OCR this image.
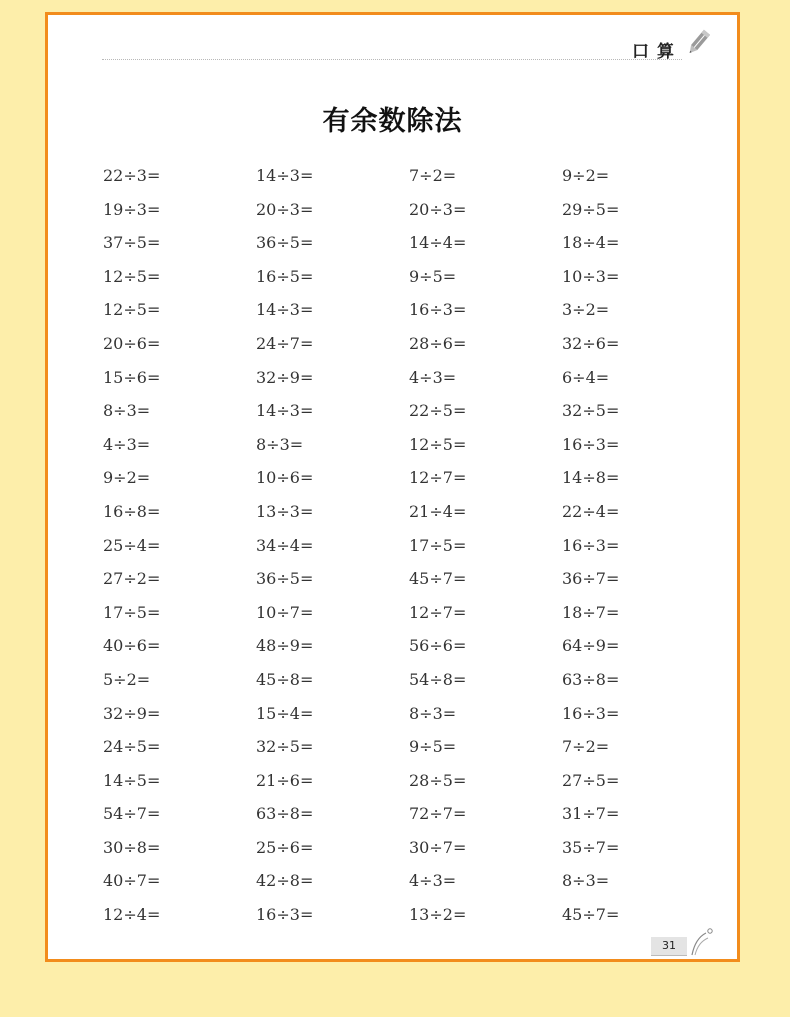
口算
有余数除法
22÷3=	14÷3=	7÷2=	9÷2=
19÷3=	20÷3=	20÷3=	29÷5=
37÷5=	36÷5=	14÷4=	18÷4=
12÷5=	16÷5=	9÷5=	10÷3=
12÷5=	14÷3=	16÷3=	3÷2=
20÷6=	24÷7=	28÷6=	32÷6=
15÷6=	32÷9=	4÷3=	6÷4=
8÷3=	14÷3=	22÷5=	32÷5=
4÷3=	8÷3=	12÷5=	16÷3=
9÷2=	10÷6=	12÷7=	14÷8=
16÷8=	13÷3=	21÷4=	22÷4=
25÷4=	34÷4=	17÷5=	16÷3=
27÷2=	36÷5=	45÷7=	36÷7=
17÷5=	10÷7=	12÷7=	18÷7=
40÷6=	48÷9=	56÷6=	64÷9=
5÷2=	45÷8=	54÷8=	63÷8=
32÷9=	15÷4=	8÷3=	16÷3=
24÷5=	32÷5=	9÷5=	7÷2=
14÷5=	21÷6=	28÷5=	27÷5=
54÷7=	63÷8=	72÷7=	31÷7=
30÷8=	25÷6=	30÷7=	35÷7=
40÷7=	42÷8=	4÷3=	8÷3=
12÷4=	16÷3=	13÷2=	45÷7=
31
